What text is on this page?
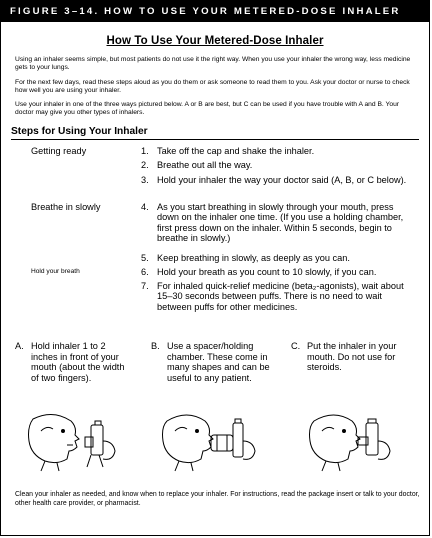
FIGURE 3–14. HOW TO USE YOUR METERED-DOSE INHALER
How To Use Your Metered-Dose Inhaler

Using an inhaler seems simple, but most patients do not use it the right way. When you use your inhaler the wrong way, less medicine gets to your lungs.

For the next few days, read these steps aloud as you do them or ask someone to read them to you. Ask your doctor or nurse to check how well you are using your inhaler.

Use your inhaler in one of the three ways pictured below. A or B are best, but C can be used if you have trouble with A and B. Your doctor may give you other types of inhalers.

Steps for Using Your Inhaler
Getting ready
Breathe in slowly
Hold your breath
1. Take off the cap and shake the inhaler.
2. Breathe out all the way.
3. Hold your inhaler the way your doctor said (A, B, or C below).
4. As you start breathing in slowly through your mouth, press down on the inhaler one time. (If you use a holding chamber, first press down on the inhaler. Within 5 seconds, begin to breathe in slowly.)
5. Keep breathing in slowly, as deeply as you can.
6. Hold your breath as you count to 10 slowly, if you can.
7. For inhaled quick-relief medicine (beta₂-agonists), wait about 15–30 seconds between puffs. There is no need to wait between puffs for other medicines.
A. Hold inhaler 1 to 2 inches in front of your mouth (about the width of two fingers).
B. Use a spacer/holding chamber. These come in many shapes and can be useful to any patient.
C. Put the inhaler in your mouth. Do not use for steroids.
Clean your inhaler as needed, and know when to replace your inhaler. For instructions, read the package insert or talk to your doctor, other health care provider, or pharmacist.
